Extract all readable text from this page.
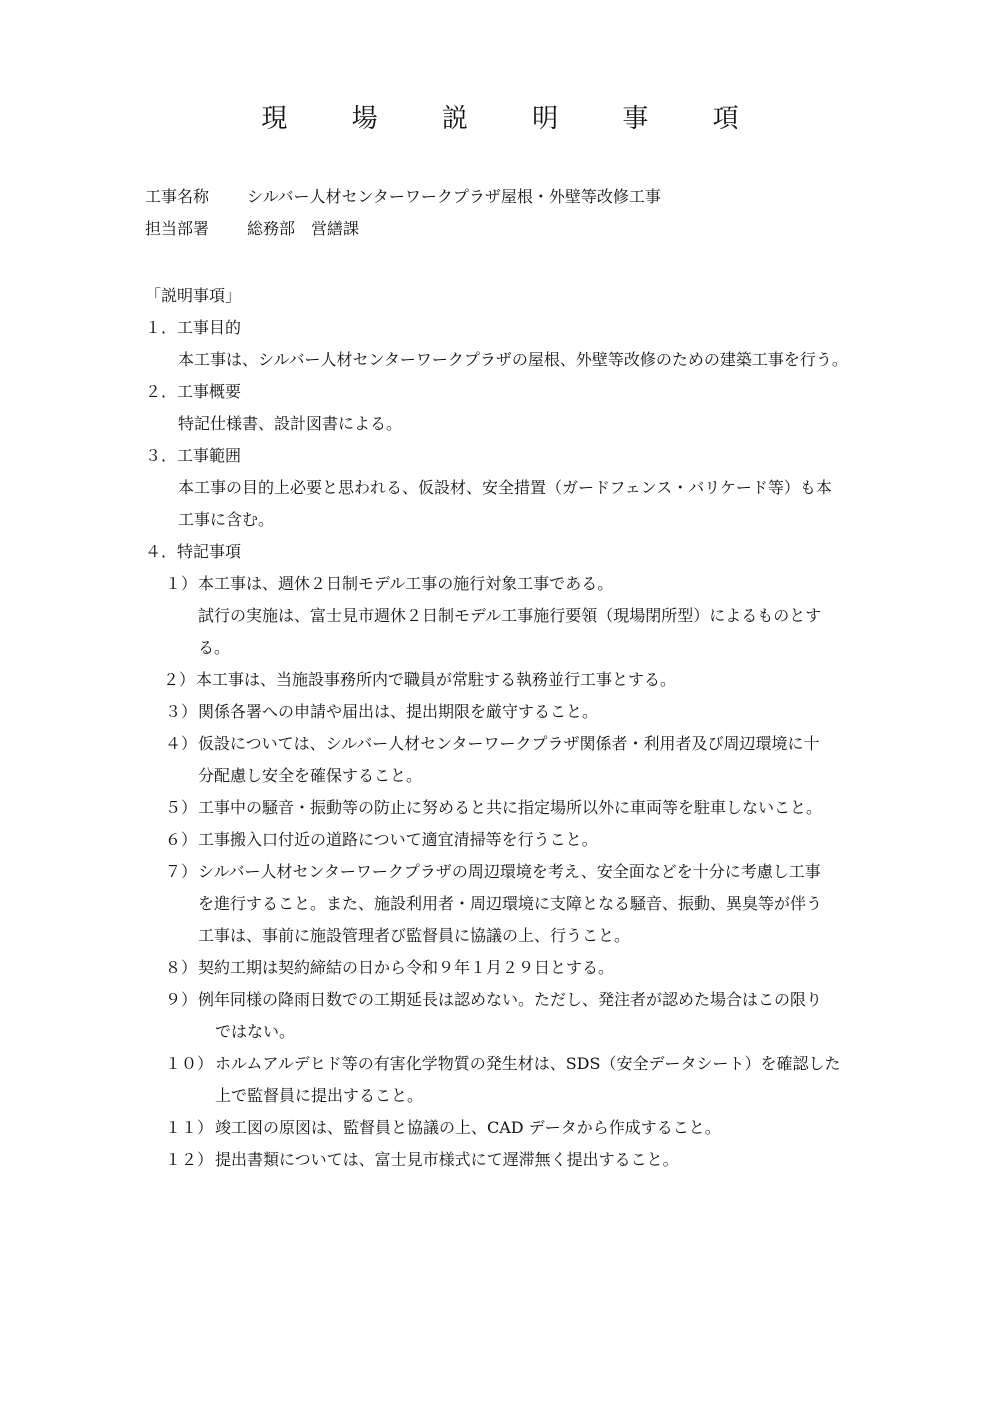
現 場 説 明 事 項
工事名称 シルバー人材センターワークプラザ屋根・外壁等改修工事
担当部署 総務部　営繕課
「説明事項」
１．工事目的
本工事は、シルバー人材センターワークプラザの屋根、外壁等改修のための建築工事を行う。
２．工事概要
特記仕様書、設計図書による。
３．工事範囲
本工事の目的上必要と思われる、仮設材、安全措置（ガードフェンス・バリケード等）も本
工事に含む。
４．特記事項
１） 本工事は、週休２日制モデル工事の施行対象工事である。
試行の実施は、富士見市週休２日制モデル工事施行要領（現場閉所型）によるものとす
る。
２） 本工事は、当施設事務所内で職員が常駐する執務並行工事とする。
３） 関係各署への申請や届出は、提出期限を厳守すること。
４） 仮設については、シルバー人材センターワークプラザ関係者・利用者及び周辺環境に十
分配慮し安全を確保すること。
５） 工事中の騒音・振動等の防止に努めると共に指定場所以外に車両等を駐車しないこと。
６） 工事搬入口付近の道路について適宜清掃等を行うこと。
７） シルバー人材センターワークプラザの周辺環境を考え、安全面などを十分に考慮し工事
を進行すること。また、施設利用者・周辺環境に支障となる騒音、振動、異臭等が伴う
工事は、事前に施設管理者び監督員に協議の上、行うこと。
８） 契約工期は契約締結の日から令和９年１月２９日とする。
９） 例年同様の降雨日数での工期延長は認めない。ただし、発注者が認めた場合はこの限り
ではない。
１０） ホルムアルデヒド等の有害化学物質の発生材は、SDS（安全データシート）を確認した
上で監督員に提出すること。
１１） 竣工図の原図は、監督員と協議の上、CAD データから作成すること。
１２） 提出書類については、富士見市様式にて遅滞無く提出すること。
